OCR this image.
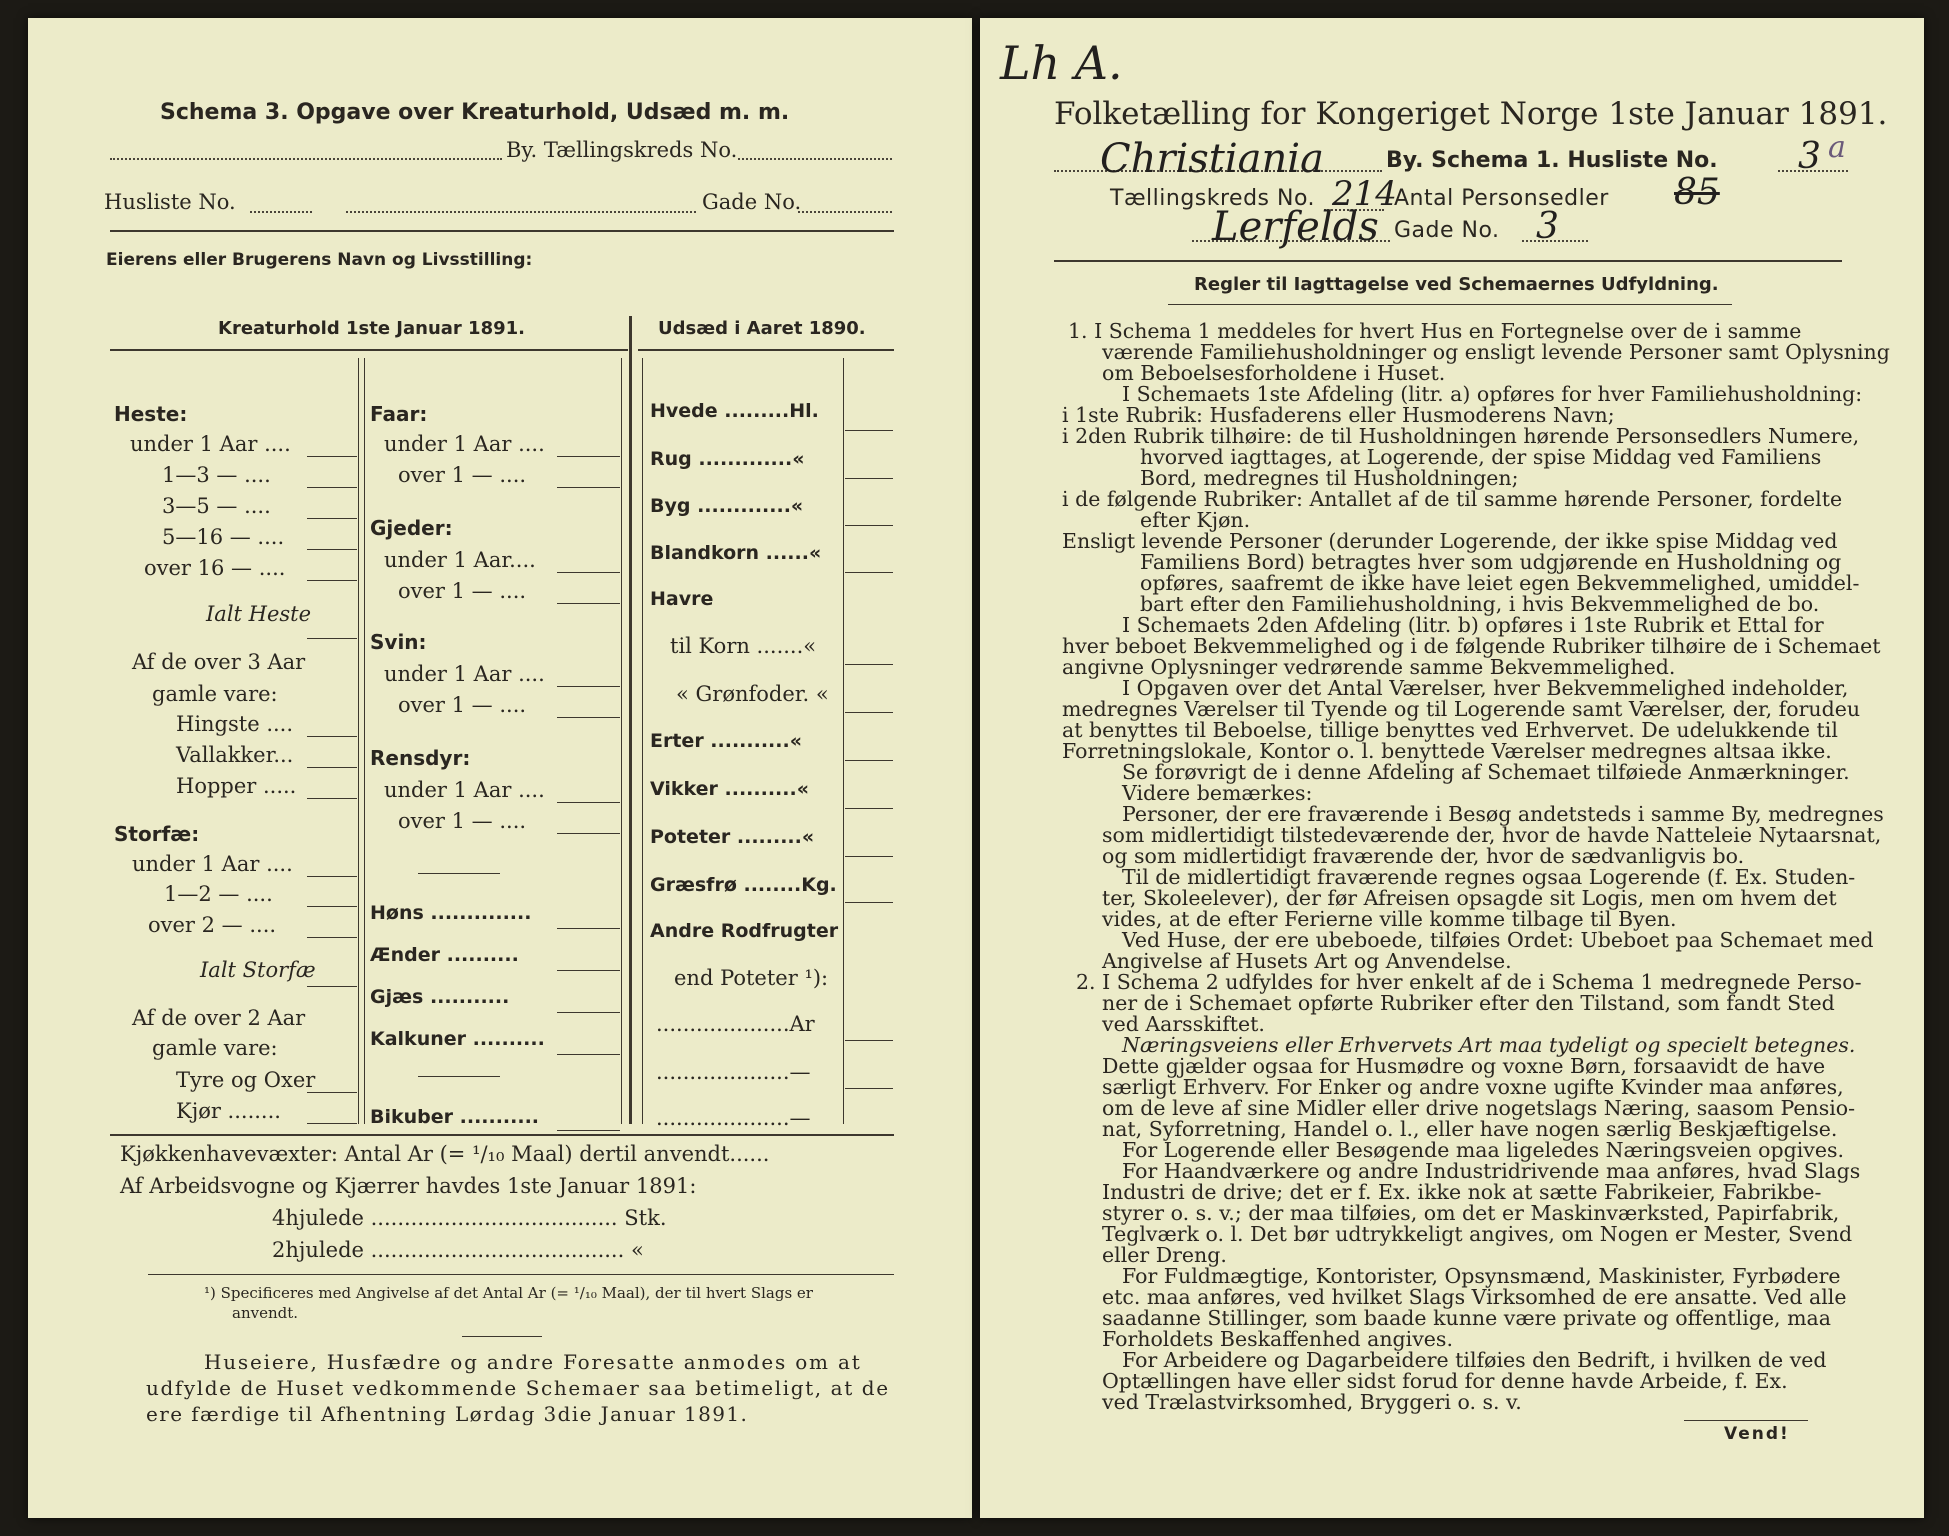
Schema 3. Opgave over Kreaturhold, Udsæd m. m.
By. Tællingskreds No.
Husliste No.	Gade No.
Eierens eller Brugerens Navn og Livsstilling:
Kreaturhold 1ste Januar 1891.	Udsæd i Aaret 1890.
Heste:
under 1 Aar ....
1—3 — ....
3—5 — ....
5—16 — ....
over 16 — ....
Ialt Heste
Af de over 3 Aar
gamle vare:
Hingste ....
Vallakker...
Hopper .....
Storfæ:
under 1 Aar ....
1—2 — ....
over 2 — ....
Ialt Storfæ
Af de over 2 Aar
gamle vare:
Tyre og Oxer
Kjør ........
Faar:
under 1 Aar ....
over 1 — ....
Gjeder:
under 1 Aar....
over 1 — ....
Svin:
under 1 Aar ....
over 1 — ....
Rensdyr:
under 1 Aar ....
over 1 — ....
Høns ..............
Ænder ..........
Gjæs ...........
Kalkuner ..........
Bikuber ...........
Hvede .........Hl.
Rug .............«
Byg .............«
Blandkorn ......«
Havre
til Korn .......«
« Grønfoder. «
Erter ...........«
Vikker ..........«
Poteter .........«
Græsfrø ........Kg.
Andre Rodfrugter
end Poteter ¹):
....................Ar
....................—
....................—
Kjøkkenhavevæxter: Antal Ar (= ¹/₁₀ Maal) dertil anvendt......
Af Arbeidsvogne og Kjærrer havdes 1ste Januar 1891:
4hjulede ..................................... Stk.
2hjulede ...................................... «
¹) Specificeres med Angivelse af det Antal Ar (= ¹/₁₀ Maal), der til hvert Slags er
anvendt.
Huseiere, Husfædre og andre Foresatte anmodes om at
udfylde de Huset vedkommende Schemaer saa betimeligt, at de
ere færdige til Afhentning Lørdag 3die Januar 1891.
Lh A.
Folketælling for Kongeriget Norge 1ste Januar 1891.
Christiania	By. Schema 1. Husliste No. 3 a
Tællingskreds No. 214
Antal Personsedler 85
Lerfelds Gade No. 3
Regler til Iagttagelse ved Schemaernes Udfyldning.
1. I Schema 1 meddeles for hvert Hus en Fortegnelse over de i samme
værende Familiehusholdninger og ensligt levende Personer samt Oplysning
om Beboelsesforholdene i Huset.
I Schemaets 1ste Afdeling (litr. a) opføres for hver Familiehusholdning:
i 1ste Rubrik: Husfaderens eller Husmoderens Navn;
i 2den Rubrik tilhøire: de til Husholdningen hørende Personsedlers Numere,
hvorved iagttages, at Logerende, der spise Middag ved Familiens
Bord, medregnes til Husholdningen;
i de følgende Rubriker: Antallet af de til samme hørende Personer, fordelte
efter Kjøn.
Ensligt levende Personer (derunder Logerende, der ikke spise Middag ved
Familiens Bord) betragtes hver som udgjørende en Husholdning og
opføres, saafremt de ikke have leiet egen Bekvemmelighed, umiddel-
bart efter den Familiehusholdning, i hvis Bekvemmelighed de bo.
I Schemaets 2den Afdeling (litr. b) opføres i 1ste Rubrik et Ettal for
hver beboet Bekvemmelighed og i de følgende Rubriker tilhøire de i Schemaet
angivne Oplysninger vedrørende samme Bekvemmelighed.
I Opgaven over det Antal Værelser, hver Bekvemmelighed indeholder,
medregnes Værelser til Tyende og til Logerende samt Værelser, der, forudeu
at benyttes til Beboelse, tillige benyttes ved Erhvervet. De udelukkende til
Forretningslokale, Kontor o. l. benyttede Værelser medregnes altsaa ikke.
Se forøvrigt de i denne Afdeling af Schemaet tilføiede Anmærkninger.
Videre bemærkes:
Personer, der ere fraværende i Besøg andetsteds i samme By, medregnes
som midlertidigt tilstedeværende der, hvor de havde Natteleie Nytaarsnat,
og som midlertidigt fraværende der, hvor de sædvanligvis bo.
Til de midlertidigt fraværende regnes ogsaa Logerende (f. Ex. Studen-
ter, Skoleelever), der før Afreisen opsagde sit Logis, men om hvem det
vides, at de efter Ferierne ville komme tilbage til Byen.
Ved Huse, der ere ubeboede, tilføies Ordet: Ubeboet paa Schemaet med
Angivelse af Husets Art og Anvendelse.
2. I Schema 2 udfyldes for hver enkelt af de i Schema 1 medregnede Perso-
ner de i Schemaet opførte Rubriker efter den Tilstand, som fandt Sted
ved Aarsskiftet.
Næringsveiens eller Erhvervets Art maa tydeligt og specielt betegnes.
Dette gjælder ogsaa for Husmødre og voxne Børn, forsaavidt de have
særligt Erhverv. For Enker og andre voxne ugifte Kvinder maa anføres,
om de leve af sine Midler eller drive nogetslags Næring, saasom Pensio-
nat, Syforretning, Handel o. l., eller have nogen særlig Beskjæftigelse.
For Logerende eller Besøgende maa ligeledes Næringsveien opgives.
For Haandværkere og andre Industridrivende maa anføres, hvad Slags
Industri de drive; det er f. Ex. ikke nok at sætte Fabrikeier, Fabrikbe-
styrer o. s. v.; der maa tilføies, om det er Maskinværksted, Papirfabrik,
Teglværk o. l. Det bør udtrykkeligt angives, om Nogen er Mester, Svend
eller Dreng.
For Fuldmægtige, Kontorister, Opsynsmænd, Maskinister, Fyrbødere
etc. maa anføres, ved hvilket Slags Virksomhed de ere ansatte. Ved alle
saadanne Stillinger, som baade kunne være private og offentlige, maa
Forholdets Beskaffenhed angives.
For Arbeidere og Dagarbeidere tilføies den Bedrift, i hvilken de ved
Optællingen have eller sidst forud for denne havde Arbeide, f. Ex.
ved Trælastvirksomhed, Bryggeri o. s. v.
Vend!
